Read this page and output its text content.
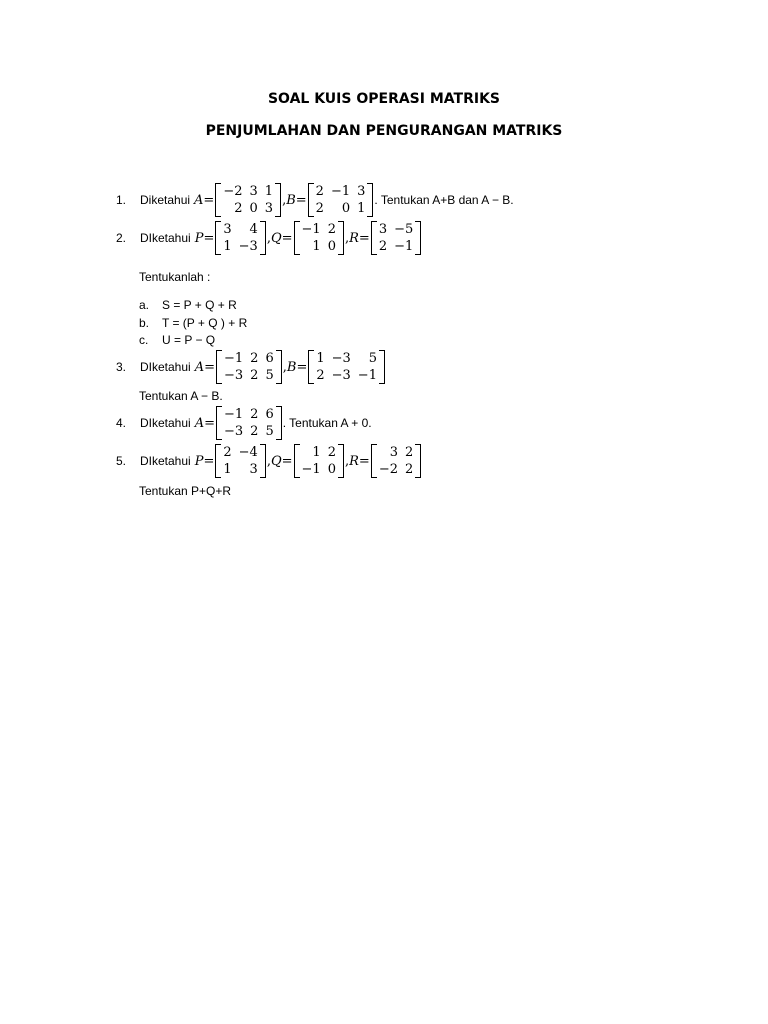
SOAL KUIS OPERASI MATRIKS
PENJUMLAHAN DAN PENGURANGAN MATRIKS
1.	Diketahui A =
−2 3 1
2 0 3
, B =
2 −1 3
2	0 1
. Tentukan A+B dan A − B.
2.	DIketahui P =
3	4
1 −3
, Q =
−1 2
1 0
, R =
3 −5
2 −1
Tentukanlah :
a.	S = P + Q + R
b.	T = (P + Q ) + R
c.	U = P − Q
3.	DIketahui A =
−1 2 6
−3 2 5
, B =
1 −3	5
2 −3 −1
Tentukan A − B.
4.	DIketahui A =
−1 2 6
−3 2 5
. Tentukan A + 0.
5.	DIketahui P =
2 −4
1	3
, Q =
1 2
−1 0
, R =
3 2
−2 2
Tentukan P+Q+R
